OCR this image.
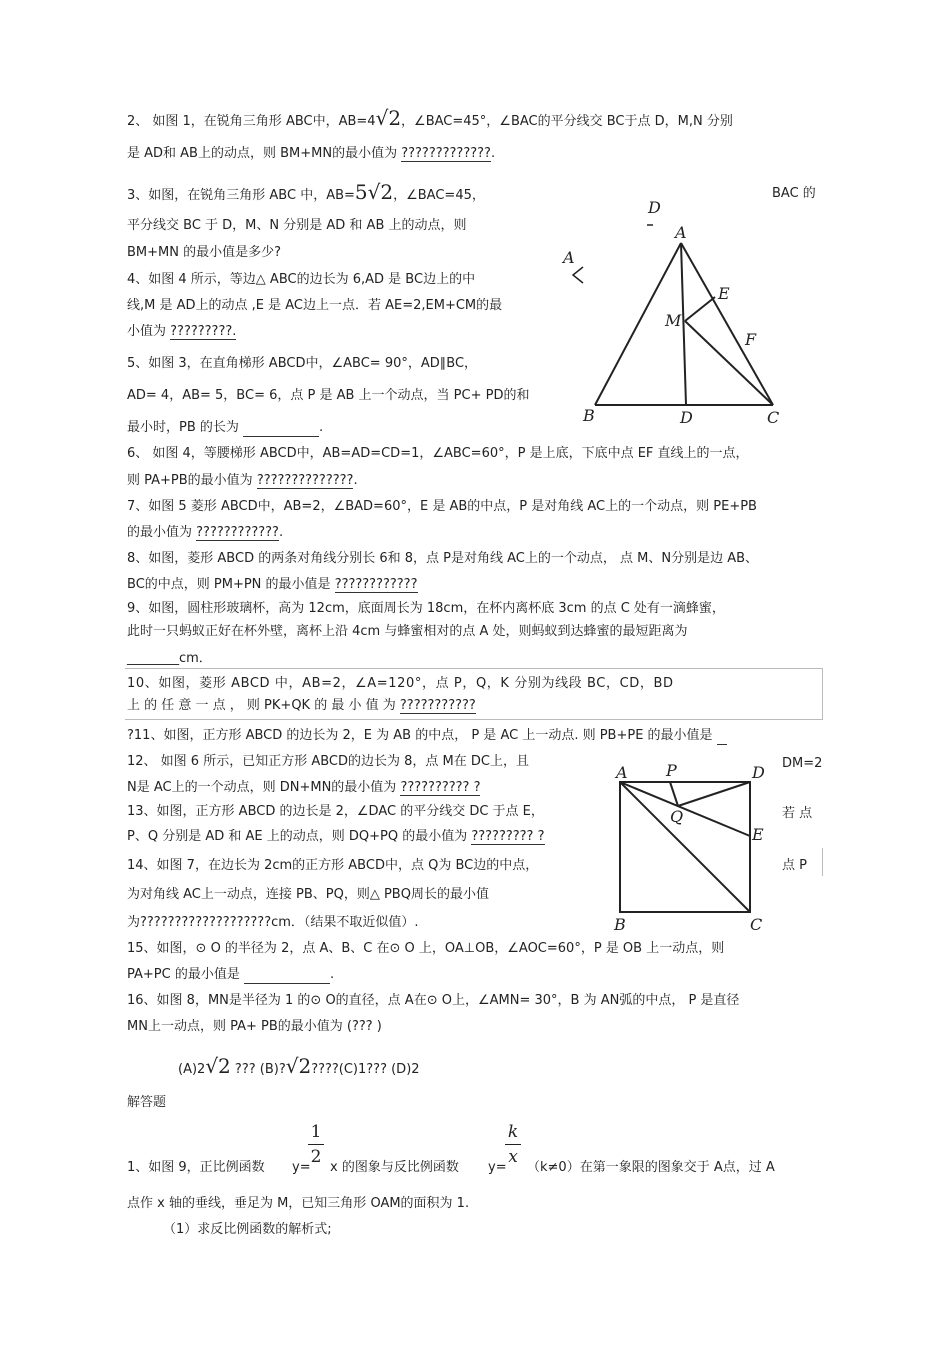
2、 如图 1，在锐角三角形 ABC中，AB=4√2，∠BAC=45°，∠BAC的平分线交 BC于点 D，M,N 分别
是 AD和 AB上的动点，则 BM+MN的最小值为 ?????????????.
3、如图，在锐角三角形 ABC 中，AB=5√2，∠BAC=45，	BAC 的
平分线交 BC 于 D，M、N 分别是 AD 和 AB 上的动点，则
BM+MN 的最小值是多少?
4、如图 4 所示，等边△ ABC的边长为 6,AD 是 BC边上的中
线,M 是 AD上的动点 ,E 是 AC边上一点．若 AE=2,EM+CM的最
小值为 ?????????.
5、如图 3，在直角梯形 ABCD中，∠ABC= 90°，AD∥BC，
AD= 4，AB= 5，BC= 6，点 P 是 AB 上一个动点，当 PC+ PD的和
最小时，PB 的长为	.
D
A
A
E
M
F
B	D	C
6、 如图 4，等腰梯形 ABCD中，AB=AD=CD=1，∠ABC=60°，P 是上底，下底中点 EF 直线上的一点，
则 PA+PB的最小值为 ??????????????.
7、如图 5 菱形 ABCD中，AB=2，∠BAD=60°，E 是 AB的中点，P 是对角线 AC上的一个动点，则 PE+PB
的最小值为 ????????????.
8、如图，菱形 ABCD 的两条对角线分别长 6和 8，点 P是对角线 AC上的一个动点， 点 M、N分别是边 AB、
BC的中点，则 PM+PN 的最小值是 ????????????
9、如图，圆柱形玻璃杯，高为 12cm，底面周长为 18cm，在杯内离杯底 3cm 的点 C 处有一滴蜂蜜，
此时一只蚂蚁正好在杯外壁，离杯上沿 4cm 与蜂蜜相对的点 A 处，则蚂蚁到达蜂蜜的最短距离为
________cm．
10、如图，菱形 ABCD 中，AB=2，∠A=120°，点 P，Q，K 分别为线段 BC，CD，BD
上 的 任 意 一 点 ， 则 PK+QK 的 最 小 值 为 ???????????
?11、如图，正方形 ABCD 的边长为 2，E 为 AB 的中点， P 是 AC 上一动点. 则 PB+PE 的最小值是
12、 如图 6 所示，已知正方形 ABCD的边长为 8，点 M在 DC上，且	DM=2
N是 AC上的一个动点，则 DN+MN的最小值为 ?????????? ?
13、如图，正方形 ABCD 的边长是 2，∠DAC 的平分线交 DC 于点 E，	若 点
P、Q 分别是 AD 和 AE 上的动点，则 DQ+PQ 的最小值为 ????????? ?
14、如图 7，在边长为 2cm的正方形 ABCD中，点 Q为 BC边的中点，	点 P
为对角线 AC上一动点，连接 PB、PQ，则△ PBQ周长的最小值
为???????????????????cm．（结果不取近似值）.
A P	D
Q
E
B	C
15、如图，⊙ O 的半径为 2，点 A、B、C 在⊙ O 上，OA⊥OB，∠AOC=60°，P 是 OB 上一动点，则
PA+PC 的最小值是	.
16、如图 8，MN是半径为 1 的⊙ O的直径，点 A在⊙ O上，∠AMN= 30°，B 为 AN弧的中点， P 是直径
MN上一动点，则 PA+ PB的最小值为 (??? )
(A)2√2 ??? (B)?√2????(C)1??? (D)2
解答题
1
2
k
x
1、如图 9，正比例函数 y= x 的图象与反比例函数 y= （k≠0）在第一象限的图象交于 A点，过 A
点作 x 轴的垂线，垂足为 M，已知三角形 OAM的面积为 1.
（1）求反比例函数的解析式;
